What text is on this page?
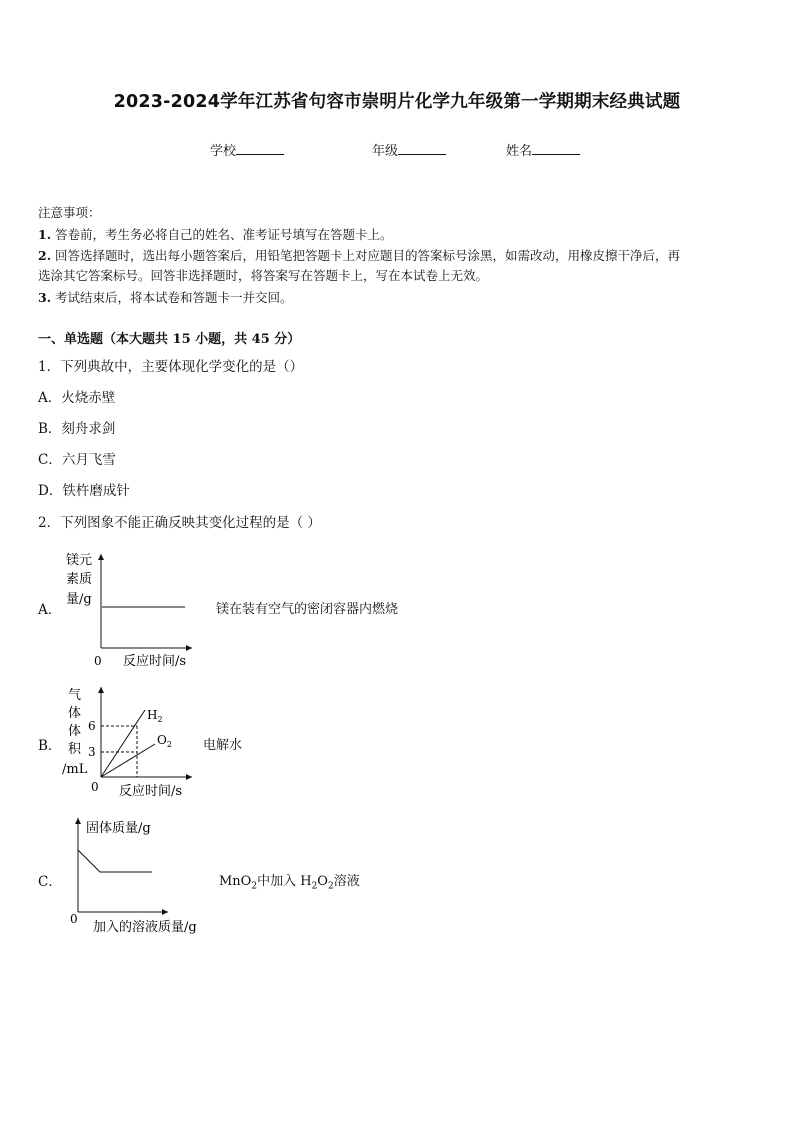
2023-2024学年江苏省句容市崇明片化学九年级第一学期期末经典试题
学校	年级	姓名
注意事项：
1. 答卷前，考生务必将自己的姓名、准考证号填写在答题卡上。
2. 回答选择题时，选出每小题答案后，用铅笔把答题卡上对应题目的答案标号涂黑，如需改动，用橡皮擦干净后，再
选涂其它答案标号。回答非选择题时，将答案写在答题卡上，写在本试卷上无效。
3. 考试结束后，将本试卷和答题卡一并交回。
一、单选题（本大题共 15 小题，共 45 分）
1．下列典故中，主要体现化学变化的是（）
A．火烧赤壁
B．刻舟求剑
C．六月飞雪
D．铁杵磨成针
2．下列图象不能正确反映其变化过程的是（ ）
A．
镁元
素质
量/g
0 反应时间/s
镁在装有空气的密闭容器内燃烧
B．
气
体
体
积
/mL
6
3
0 反应时间/s
$H_2$
$O_2$ 电解水
C．
固体质量/g
0
加入的溶液质量/g
MnO$_2$中加入 $H_2O_2$溶液
